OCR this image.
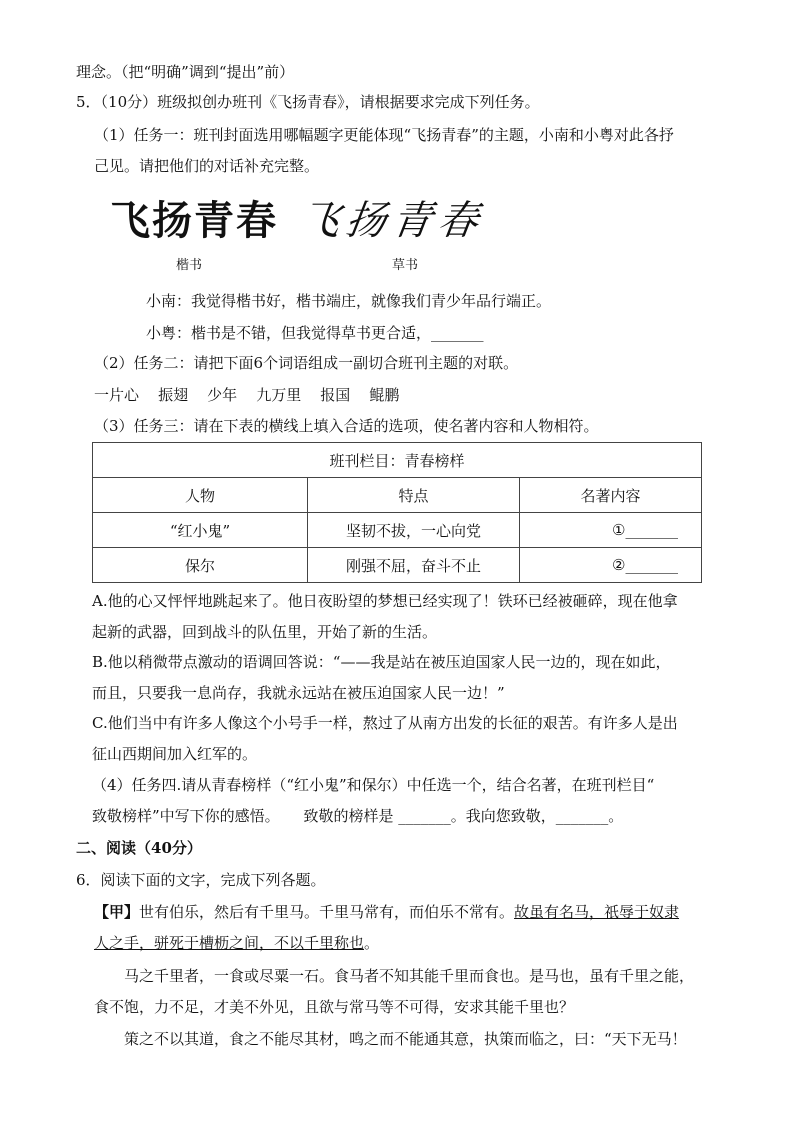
理念。（把“明确”调到“提出”前）
5．（10分）班级拟创办班刊《飞扬青春》，请根据要求完成下列任务。
（1）任务一：班刊封面选用哪幅题字更能体现“飞扬青春”的主题，小南和小粤对此各抒
己见。请把他们的对话补充完整。
飞扬青春 飞扬青春
楷书	草书
小南：我觉得楷书好，楷书端庄，就像我们青少年品行端正。
小粤：楷书是不错，但我觉得草书更合适，_______
（2）任务二：请把下面6个词语组成一副切合班刊主题的对联。
一片心    振翅    少年    九万里    报国    鲲鹏
（3）任务三：请在下表的横线上填入合适的选项，使名著内容和人物相符。
班刊栏目：青春榜样		
人物	特点	名著内容
“红小鬼”	坚韧不拔，一心向党	①_______
保尔	刚强不屈，奋斗不止	②_______
A.他的心又怦怦地跳起来了。他日夜盼望的梦想已经实现了！铁环已经被砸碎，现在他拿
起新的武器，回到战斗的队伍里，开始了新的生活。
B.他以稍微带点激动的语调回答说：“——我是站在被压迫国家人民一边的，现在如此，
而且，只要我一息尚存，我就永远站在被压迫国家人民一边！”
C.他们当中有许多人像这个小号手一样，熬过了从南方出发的长征的艰苦。有许多人是出
征山西期间加入红军的。
（4）任务四.请从青春榜样（“红小鬼”和保尔）中任选一个，结合名著，在班刊栏目“
致敬榜样”中写下你的感悟。     致敬的榜样是 _______。我向您致敬，_______。
二、阅读（40分）
6．阅读下面的文字，完成下列各题。
【甲】世有伯乐，然后有千里马。千里马常有，而伯乐不常有。故虽有名马，祇辱于奴隶
人之手，骈死于槽枥之间，不以千里称也。
马之千里者，一食或尽粟一石。食马者不知其能千里而食也。是马也，虽有千里之能，
食不饱，力不足，才美不外见，且欲与常马等不可得，安求其能千里也？
策之不以其道，食之不能尽其材，鸣之而不能通其意，执策而临之，曰：“天下无马！
